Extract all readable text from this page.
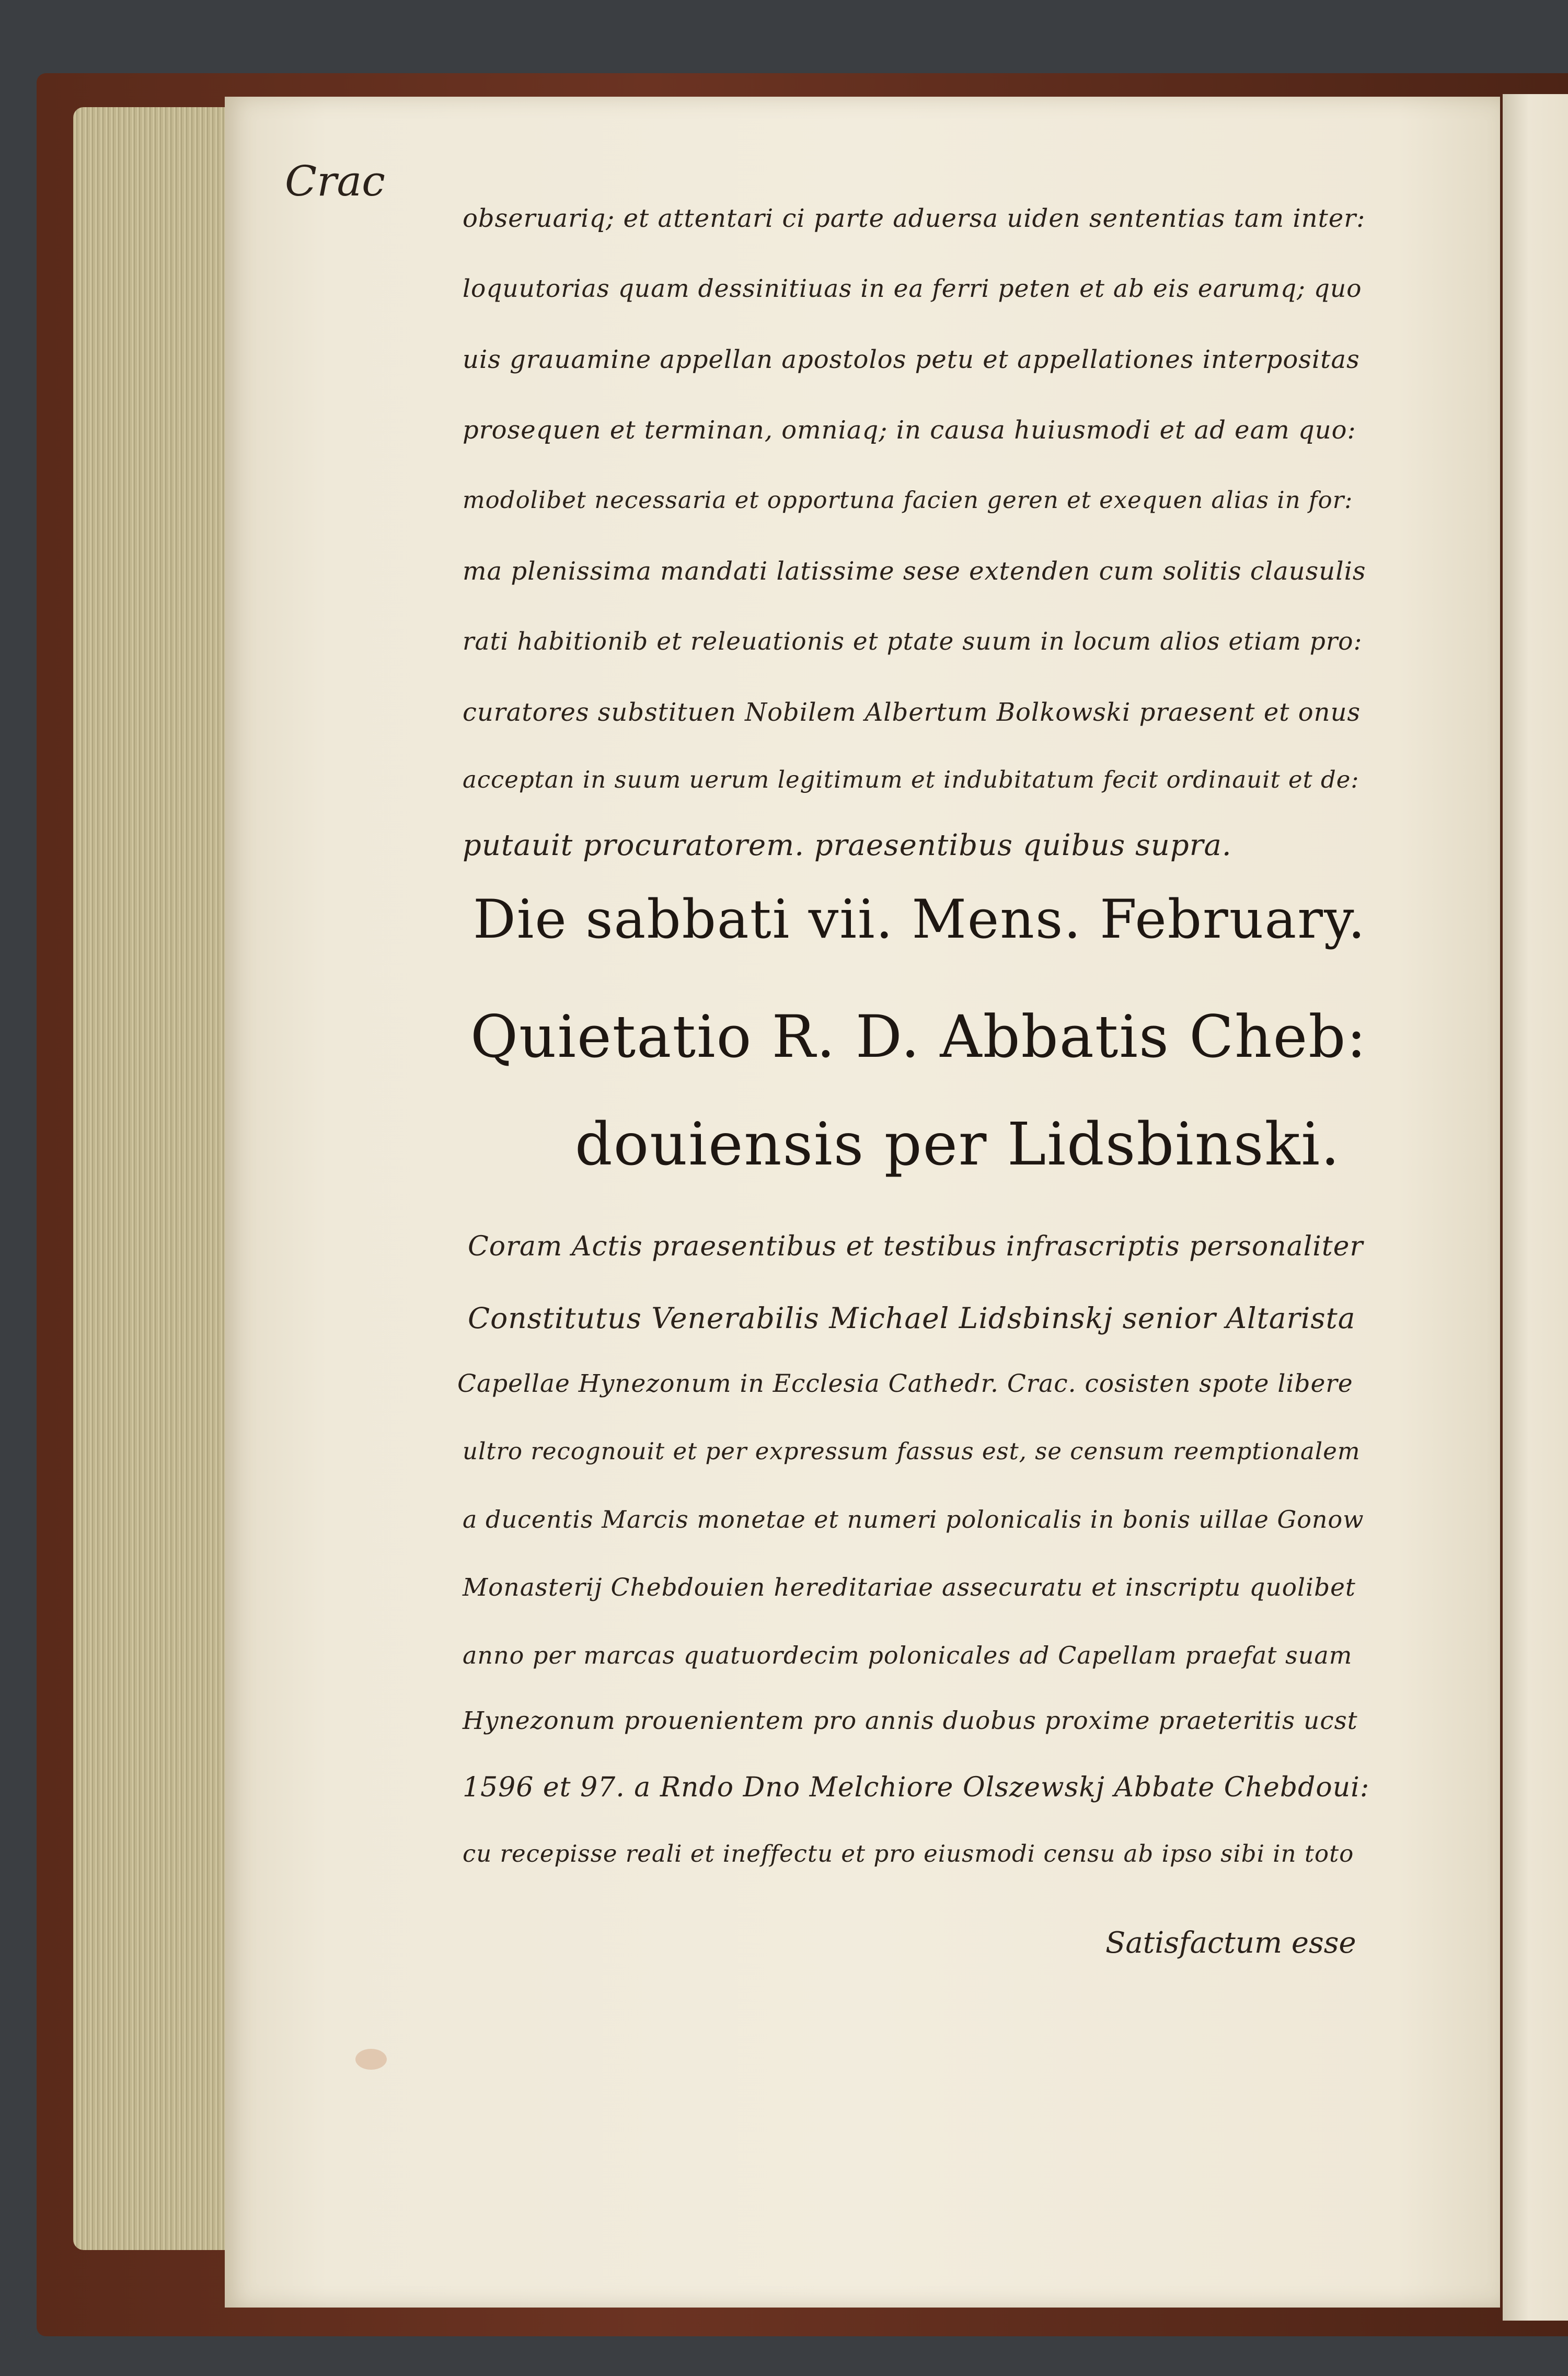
Crac
obseruariq; et attentari ci parte aduersa uiden sententias tam inter:
loquutorias quam dessinitiuas in ea ferri peten et ab eis earumq; quo
uis grauamine appellan apostolos petu et appellationes interpositas
prosequen et terminan, omniaq; in causa huiusmodi et ad eam quo:
modolibet necessaria et opportuna facien geren et exequen alias in for:
ma plenissima mandati latissime sese extenden cum solitis clausulis
rati habitionib et releuationis et ptate suum in locum alios etiam pro:
curatores substituen Nobilem Albertum Bolkowski praesent et onus
acceptan in suum uerum legitimum et indubitatum fecit ordinauit et de:
putauit procuratorem. praesentibus quibus supra.
Die sabbati vii. Mens. February.
Quietatio R. D. Abbatis Cheb:
douiensis per Lidsbinski.
Coram Actis praesentibus et testibus infrascriptis personaliter
Constitutus Venerabilis Michael Lidsbinskj senior Altarista
Capellae Hynezonum in Ecclesia Cathedr. Crac. cosisten spote libere
ultro recognouit et per expressum fassus est, se censum reemptionalem
a ducentis Marcis monetae et numeri polonicalis in bonis uillae Gonow
Monasterij Chebdouien hereditariae assecuratu et inscriptu quolibet
anno per marcas quatuordecim polonicales ad Capellam praefat suam
Hynezonum prouenientem pro annis duobus proxime praeteritis ucst
1596 et 97. a Rndo Dno Melchiore Olszewskj Abbate Chebdoui:
cu recepisse reali et ineffectu et pro eiusmodi censu ab ipso sibi in toto
Satisfactum esse
